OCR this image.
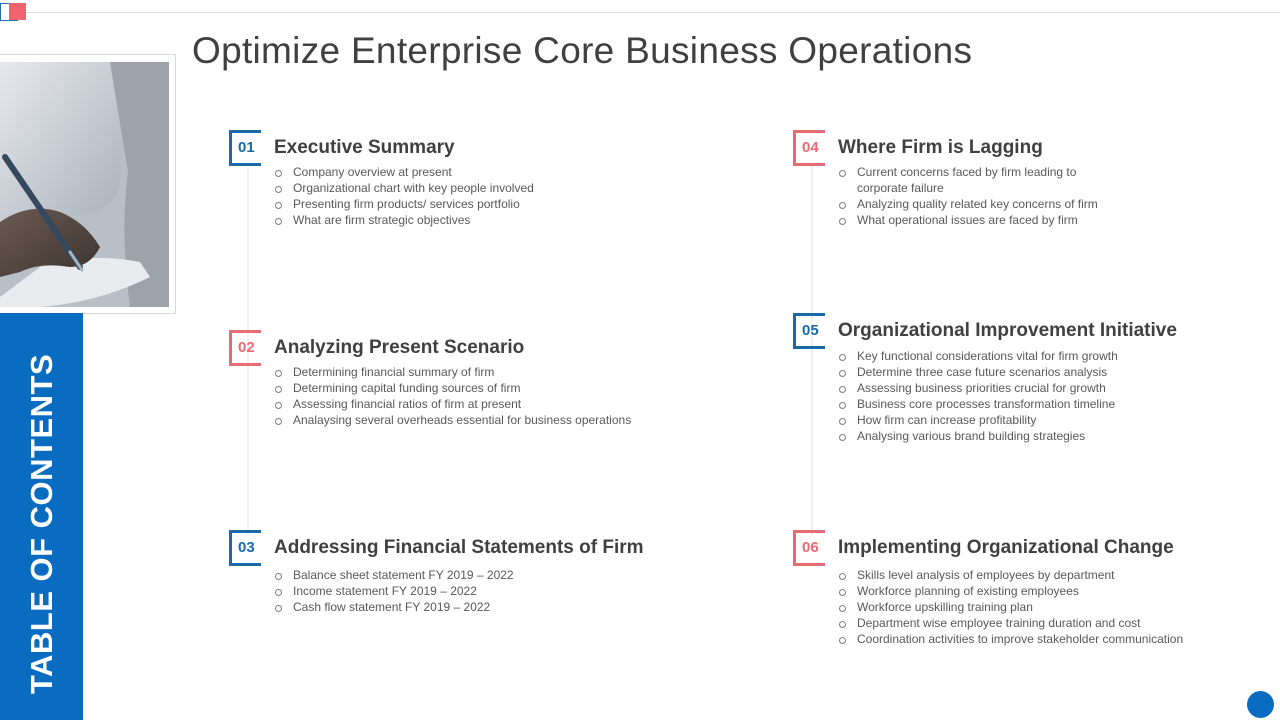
TABLE OF CONTENTS
Optimize Enterprise Core Business Operations
01	Executive Summary
Company overview at present
Organizational chart with key people involved
Presenting firm products/ services portfolio
What are firm strategic objectives
02	Analyzing Present Scenario
Determining financial summary of firm
Determining capital funding sources of firm
Assessing financial ratios of firm at present
Analaysing several overheads essential for business operations
03	Addressing Financial Statements of Firm
Balance sheet statement FY 2019 – 2022
Income statement FY 2019 – 2022
Cash flow statement FY 2019 – 2022
04	Where Firm is Lagging
Current concerns faced by firm leading to
corporate failure
Analyzing quality related key concerns of firm
What operational issues are faced by firm
05	Organizational Improvement Initiative
Key functional considerations vital for firm growth
Determine three case future scenarios analysis
Assessing business priorities crucial for growth
Business core processes transformation timeline
How firm can increase profitability
Analysing various brand building strategies
06	Implementing Organizational Change
Skills level analysis of employees by department
Workforce planning of existing employees
Workforce upskilling training plan
Department wise employee training duration and cost
Coordination activities to improve stakeholder communication
